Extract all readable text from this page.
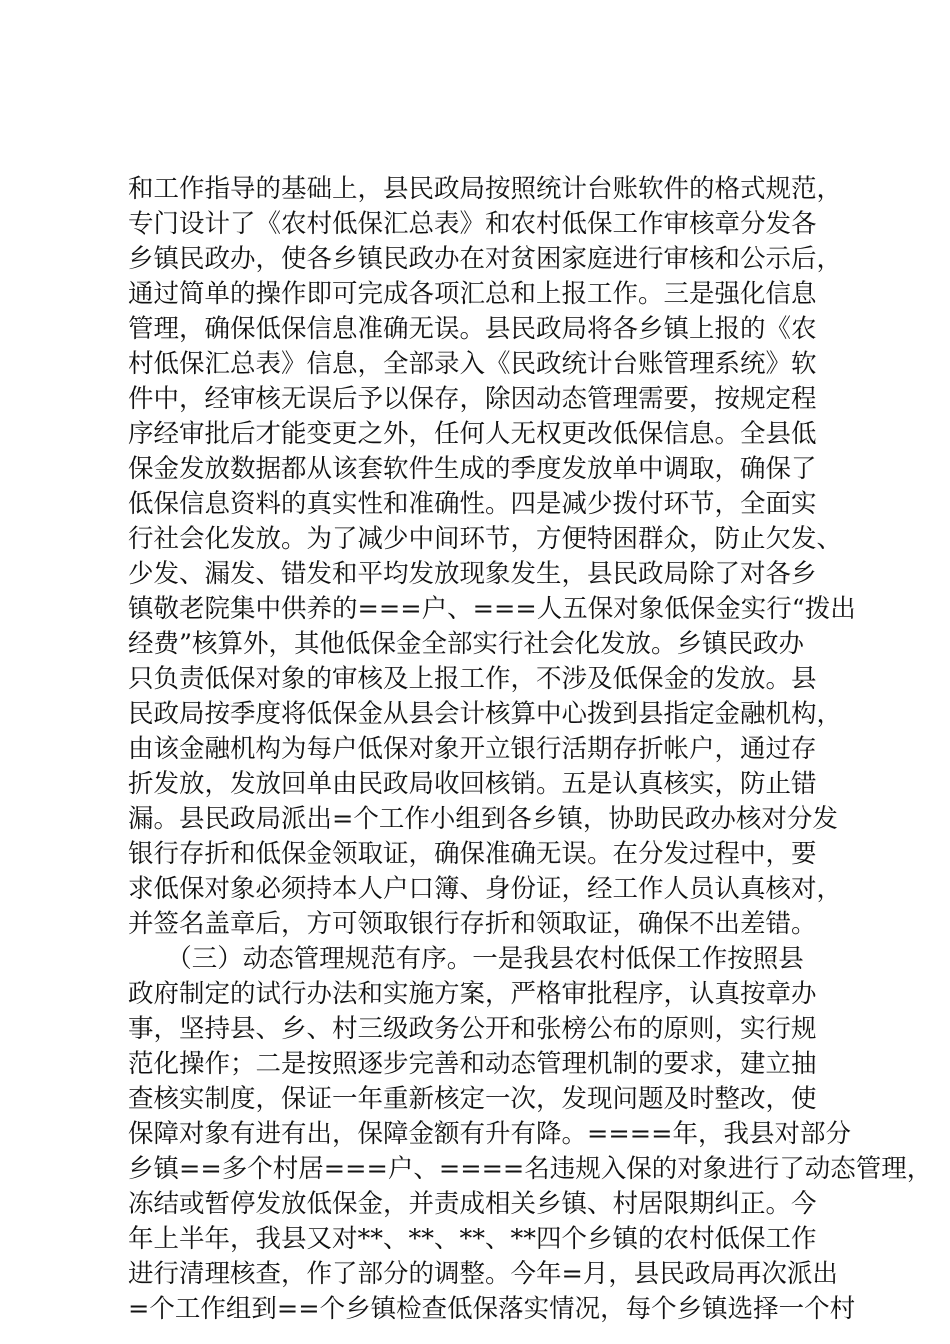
和工作指导的基础上，县民政局按照统计台账软件的格式规范，
专门设计了《农村低保汇总表》和农村低保工作审核章分发各
乡镇民政办，使各乡镇民政办在对贫困家庭进行审核和公示后，
通过简单的操作即可完成各项汇总和上报工作。三是强化信息
管理，确保低保信息准确无误。县民政局将各乡镇上报的《农
村低保汇总表》信息，全部录入《民政统计台账管理系统》软
件中，经审核无误后予以保存，除因动态管理需要，按规定程
序经审批后才能变更之外，任何人无权更改低保信息。全县低
保金发放数据都从该套软件生成的季度发放单中调取，确保了
低保信息资料的真实性和准确性。四是减少拨付环节，全面实
行社会化发放。为了减少中间环节，方便特困群众，防止欠发、
少发、漏发、错发和平均发放现象发生，县民政局除了对各乡
镇敬老院集中供养的===户、===人五保对象低保金实行“拨出
经费”核算外，其他低保金全部实行社会化发放。乡镇民政办
只负责低保对象的审核及上报工作，不涉及低保金的发放。县
民政局按季度将低保金从县会计核算中心拨到县指定金融机构，
由该金融机构为每户低保对象开立银行活期存折帐户，通过存
折发放，发放回单由民政局收回核销。五是认真核实，防止错
漏。县民政局派出=个工作小组到各乡镇，协助民政办核对分发
银行存折和低保金领取证，确保准确无误。在分发过程中，要
求低保对象必须持本人户口簿、身份证，经工作人员认真核对，
并签名盖章后，方可领取银行存折和领取证，确保不出差错。
　　（三）动态管理规范有序。一是我县农村低保工作按照县
政府制定的试行办法和实施方案，严格审批程序，认真按章办
事，坚持县、乡、村三级政务公开和张榜公布的原则，实行规
范化操作；二是按照逐步完善和动态管理机制的要求，建立抽
查核实制度，保证一年重新核定一次，发现问题及时整改，使
保障对象有进有出，保障金额有升有降。====年，我县对部分
乡镇==多个村居===户、====名违规入保的对象进行了动态管理，
冻结或暂停发放低保金，并责成相关乡镇、村居限期纠正。今
年上半年，我县又对**、**、**、**四个乡镇的农村低保工作
进行清理核查，作了部分的调整。今年=月，县民政局再次派出
=个工作组到==个乡镇检查低保落实情况，每个乡镇选择一个村
